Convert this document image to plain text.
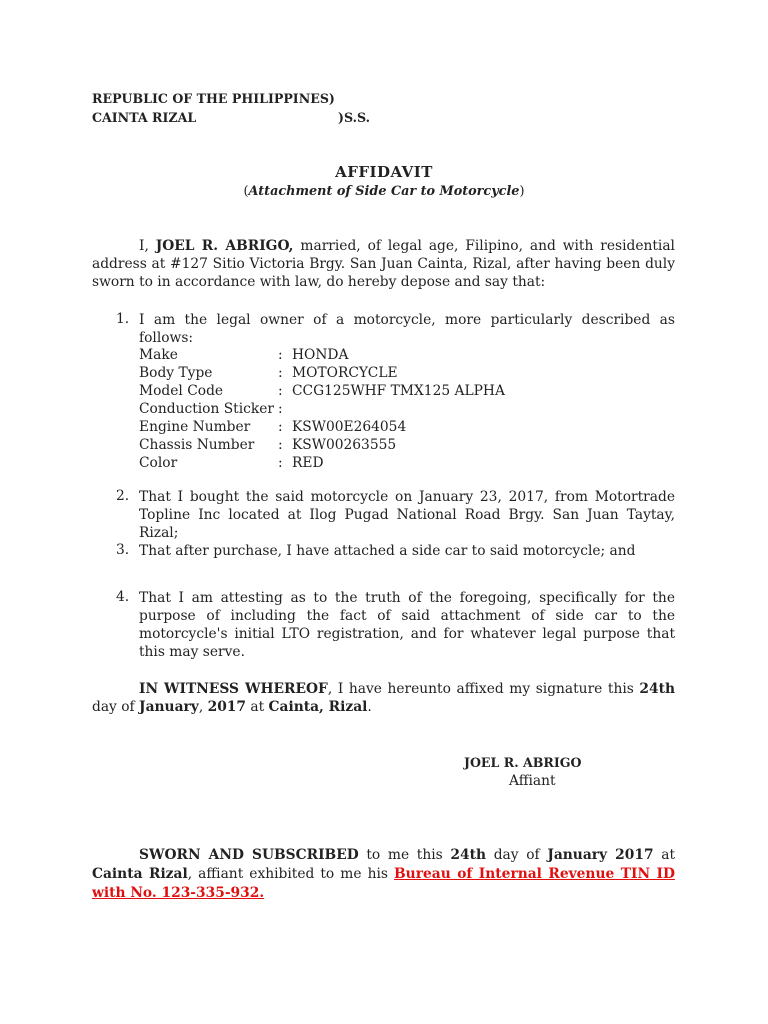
REPUBLIC OF THE PHILIPPINES)
CAINTA RIZAL	)S.S.
AFFIDAVIT
(Attachment of Side Car to Motorcycle)
I, JOEL R. ABRIGO, married, of legal age, Filipino, and with residential address at #127 Sitio Victoria Brgy. San Juan Cainta, Rizal, after having been duly sworn to in accordance with law, do hereby depose and say that:
1. I am the legal owner of a motorcycle, more particularly described as follows:
Make	: HONDA
Body Type	: MOTORCYCLE
Model Code	: CCG125WHF TMX125 ALPHA
Conduction Sticker :
Engine Number : KSW00E264054
Chassis Number : KSW00263555
Color	: RED
2. That I bought the said motorcycle on January 23, 2017, from Motortrade Topline Inc located at Ilog Pugad National Road Brgy. San Juan Taytay, Rizal;
3. That after purchase, I have attached a side car to said motorcycle; and
4. That I am attesting as to the truth of the foregoing, specifically for the purpose of including the fact of said attachment of side car to the motorcycle's initial LTO registration, and for whatever legal purpose that this may serve.
IN WITNESS WHEREOF, I have hereunto affixed my signature this 24th day of January, 2017 at Cainta, Rizal.
JOEL R. ABRIGO
Affiant
SWORN AND SUBSCRIBED to me this 24th day of January 2017 at Cainta Rizal, affiant exhibited to me his Bureau of Internal Revenue TIN ID with No. 123-335-932.
